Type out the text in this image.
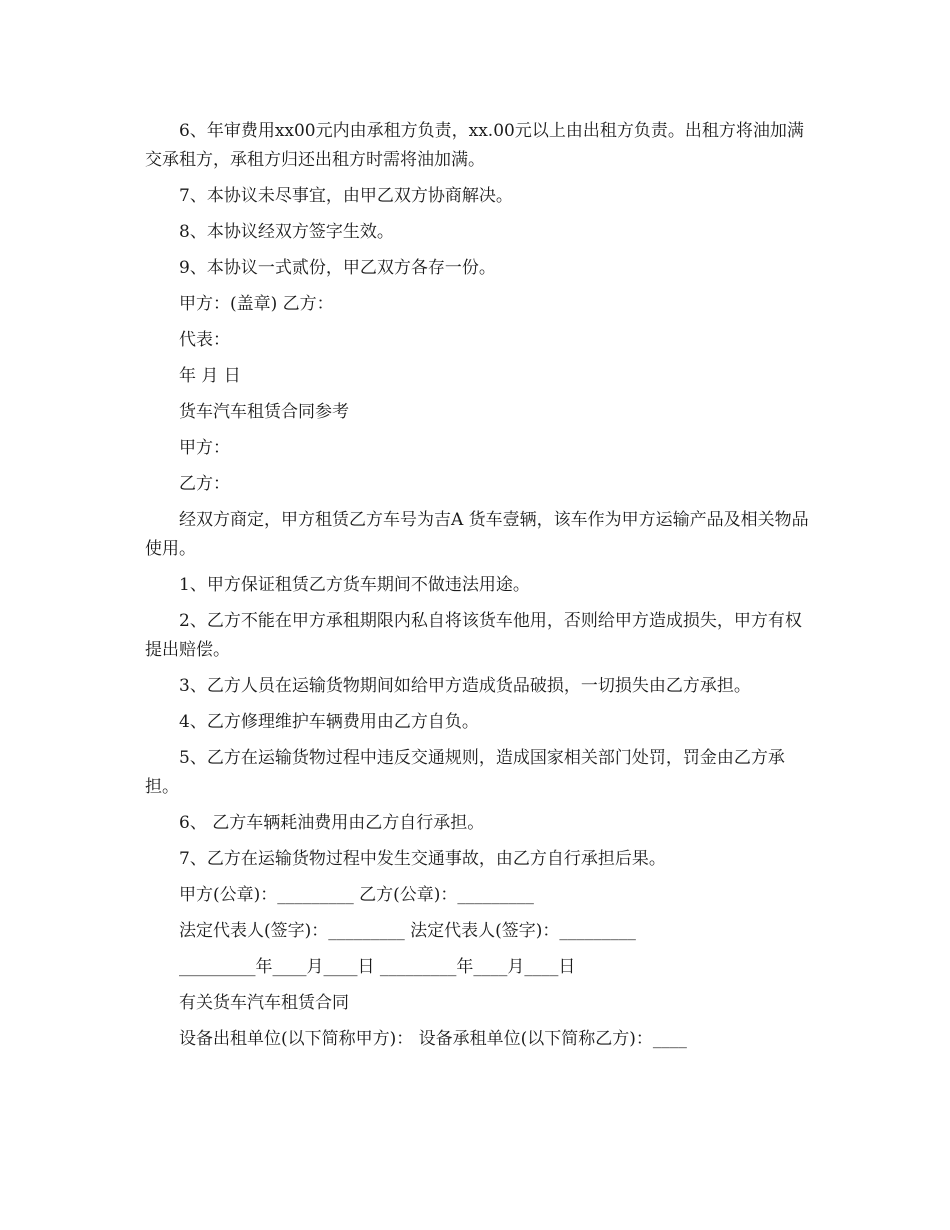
6、年审费用xx00元内由承租方负责，xx.00元以上由出租方负责。出租方将油加满交承租方，承租方归还出租方时需将油加满。

7、本协议未尽事宜，由甲乙双方协商解决。

8、本协议经双方签字生效。

9、本协议一式贰份，甲乙双方各存一份。

甲方：(盖章) 乙方：

代表：

年 月 日

货车汽车租赁合同参考

甲方：

乙方：

经双方商定，甲方租赁乙方车号为吉A 货车壹辆，该车作为甲方运输产品及相关物品使用。

1、甲方保证租赁乙方货车期间不做违法用途。

2、乙方不能在甲方承租期限内私自将该货车他用，否则给甲方造成损失，甲方有权提出赔偿。

3、乙方人员在运输货物期间如给甲方造成货品破损，一切损失由乙方承担。

4、乙方修理维护车辆费用由乙方自负。

5、乙方在运输货物过程中违反交通规则，造成国家相关部门处罚，罚金由乙方承担。

6、 乙方车辆耗油费用由乙方自行承担。

7、乙方在运输货物过程中发生交通事故，由乙方自行承担后果。

甲方(公章)：_________ 乙方(公章)：_________

法定代表人(签字)：_________ 法定代表人(签字)：_________

_________年____月____日 _________年____月____日

有关货车汽车租赁合同

设备出租单位(以下简称甲方)： 设备承租单位(以下简称乙方)：____
